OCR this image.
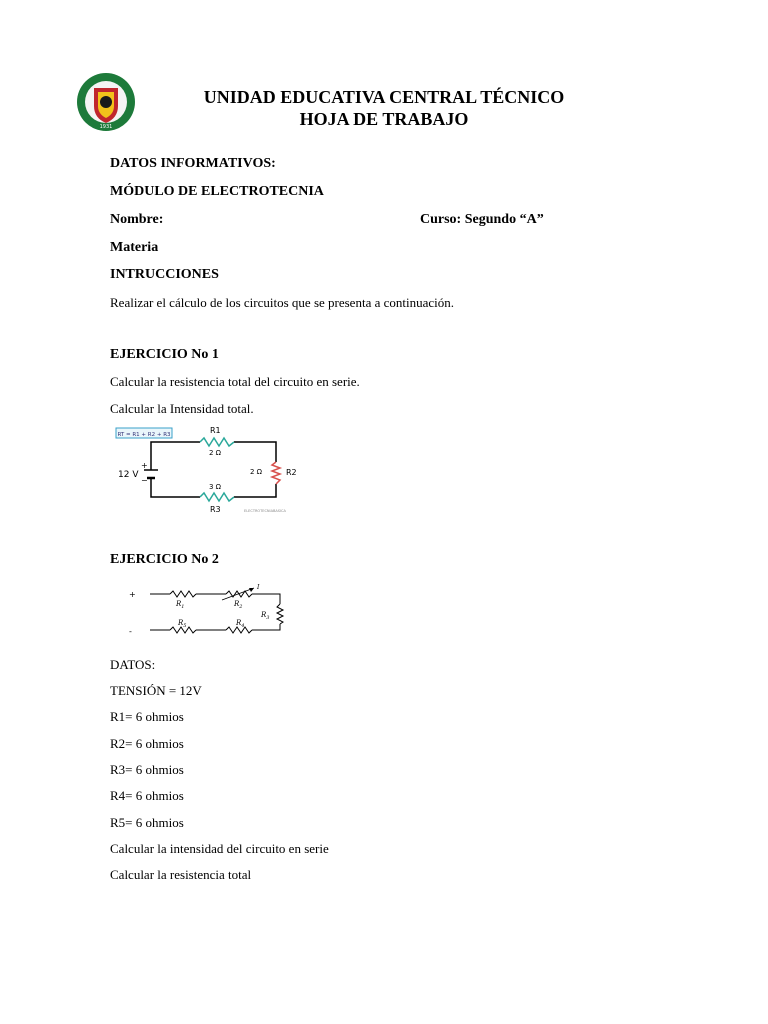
1931
UNIDAD EDUCATIVA CENTRAL TÉCNICO
HOJA DE TRABAJO
DATOS INFORMATIVOS:
MÓDULO DE ELECTROTECNIA
Nombre:	Curso: Segundo “A”
Materia
INTRUCCIONES
Realizar el cálculo de los circuitos que se presenta a continuación.
EJERCICIO No 1
Calcular la resistencia total del circuito en serie.
Calcular la Intensidad total.
RT = R1 + R2 + R3
+
−
12 V
R1
2 Ω
R2
2 Ω
3 Ω
R3	ELECTROTECNIABASICA
EJERCICIO No 2
+
-
I
$R_1$	$R_2$
$R_3$
$R_4$
$R_5$
DATOS:
TENSIÓN = 12V
R1= 6 ohmios
R2= 6 ohmios
R3= 6 ohmios
R4= 6 ohmios
R5= 6 ohmios
Calcular la intensidad del circuito en serie
Calcular la resistencia total
